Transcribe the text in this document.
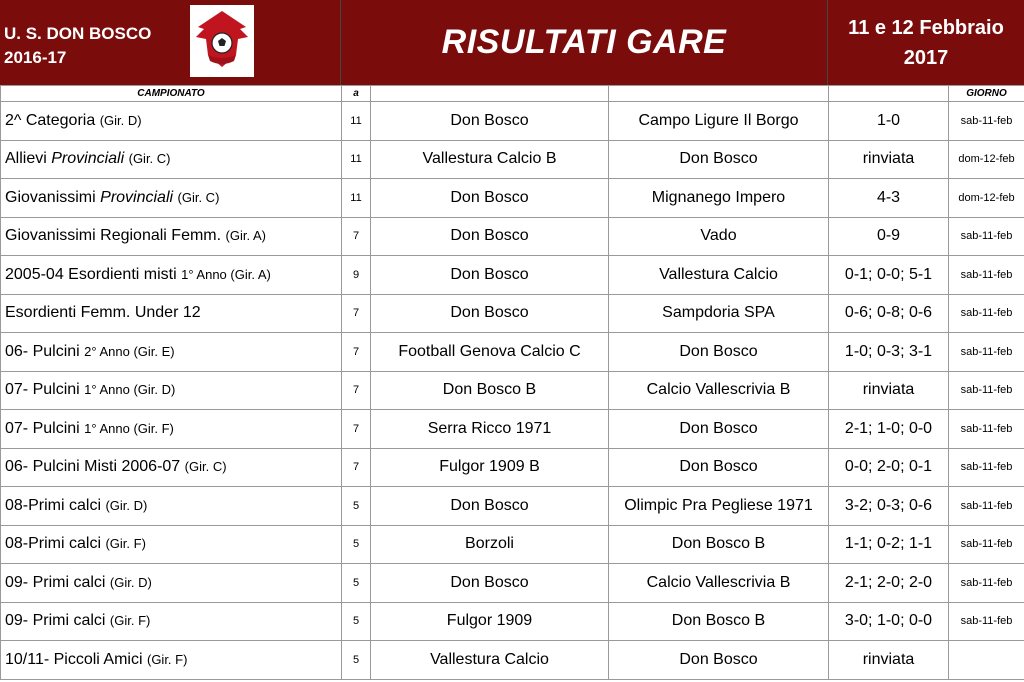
U. S. DON BOSCO
2016-17	RISULTATI GARE	11 e 12 Febbraio
2017
CAMPIONATO	a				GIORNO
2^ Categoria (Gir. D)	11	Don Bosco	Campo Ligure Il Borgo	1-0	sab-11-feb
Allievi Provinciali (Gir. C)	11	Vallestura Calcio B	Don Bosco	rinviata	dom-12-feb
Giovanissimi Provinciali (Gir. C)	11	Don Bosco	Mignanego Impero	4-3	dom-12-feb
Giovanissimi Regionali Femm. (Gir. A)	7	Don Bosco	Vado	0-9	sab-11-feb
2005-04 Esordienti misti 1° Anno (Gir. A)	9	Don Bosco	Vallestura Calcio	0-1; 0-0; 5-1	sab-11-feb
Esordienti Femm. Under 12	7	Don Bosco	Sampdoria SPA	0-6; 0-8; 0-6	sab-11-feb
06- Pulcini 2° Anno (Gir. E)	7	Football Genova Calcio C	Don Bosco	1-0; 0-3; 3-1	sab-11-feb
07- Pulcini 1° Anno (Gir. D)	7	Don Bosco B	Calcio Vallescrivia B	rinviata	sab-11-feb
07- Pulcini 1° Anno (Gir. F)	7	Serra Ricco 1971	Don Bosco	2-1; 1-0; 0-0	sab-11-feb
06- Pulcini Misti 2006-07 (Gir. C)	7	Fulgor 1909 B	Don Bosco	0-0; 2-0; 0-1	sab-11-feb
08-Primi calci (Gir. D)	5	Don Bosco	Olimpic Pra Pegliese 1971	3-2; 0-3; 0-6	sab-11-feb
08-Primi calci (Gir. F)	5	Borzoli	Don Bosco B	1-1; 0-2; 1-1	sab-11-feb
09- Primi calci (Gir. D)	5	Don Bosco	Calcio Vallescrivia B	2-1; 2-0; 2-0	sab-11-feb
09- Primi calci (Gir. F)	5	Fulgor 1909	Don Bosco B	3-0; 1-0; 0-0	sab-11-feb
10/11- Piccoli Amici (Gir. F)	5	Vallestura Calcio	Don Bosco	rinviata	
